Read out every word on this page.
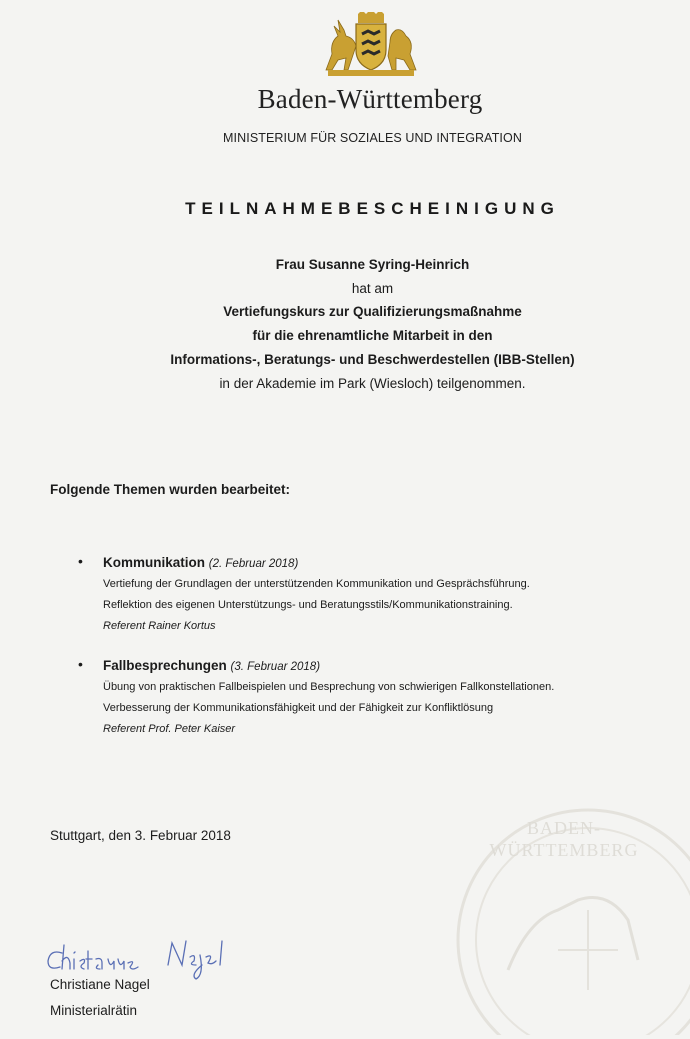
Baden-Württemberg
MINISTERIUM FÜR SOZIALES UND INTEGRATION
TEILNAHMEBESCHEINIGUNG
Frau Susanne Syring-Heinrich
hat am
Vertiefungskurs zur Qualifizierungsmaßnahme
für die ehrenamtliche Mitarbeit in den
Informations-, Beratungs- und Beschwerdestellen (IBB-Stellen)
in der Akademie im Park (Wiesloch) teilgenommen.
Folgende Themen wurden bearbeitet:
• Kommunikation (2. Februar 2018)
Vertiefung der Grundlagen der unterstützenden Kommunikation und Gesprächsführung.
Reflektion des eigenen Unterstützungs- und Beratungsstils/Kommunikationstraining.
Referent Rainer Kortus
• Fallbesprechungen (3. Februar 2018)
Übung von praktischen Fallbeispielen und Besprechung von schwierigen Fallkonstellationen.
Verbesserung der Kommunikationsfähigkeit und der Fähigkeit zur Konfliktlösung
Referent Prof. Peter Kaiser
Stuttgart, den 3. Februar 2018
Christiane Nagel
Ministerialrätin
BADEN-
WÜRTTEMBERG
